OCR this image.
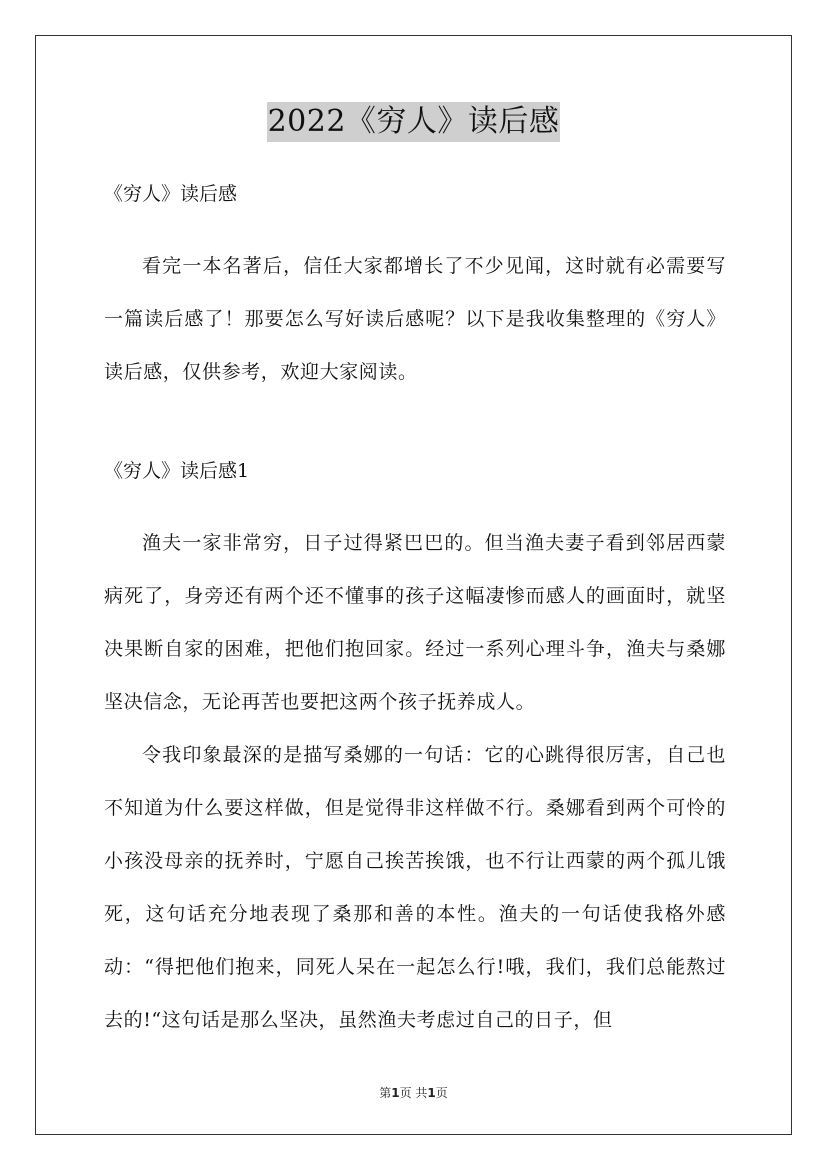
2022《穷人》读后感

《穷人》读后感

看完一本名著后，信任大家都增长了不少见闻，这时就有必需要写一篇读后感了！那要怎么写好读后感呢？以下是我收集整理的《穷人》读后感，仅供参考，欢迎大家阅读。

《穷人》读后感1

渔夫一家非常穷，日子过得紧巴巴的。但当渔夫妻子看到邻居西蒙病死了，身旁还有两个还不懂事的孩子这幅凄惨而感人的画面时，就坚决果断自家的困难，把他们抱回家。经过一系列心理斗争，渔夫与桑娜坚决信念，无论再苦也要把这两个孩子抚养成人。

令我印象最深的是描写桑娜的一句话：它的心跳得很厉害，自己也不知道为什么要这样做，但是觉得非这样做不行。桑娜看到两个可怜的小孩没母亲的抚养时，宁愿自己挨苦挨饿，也不行让西蒙的两个孤儿饿死，这句话充分地表现了桑那和善的本性。渔夫的一句话使我格外感动：“得把他们抱来，同死人呆在一起怎么行!哦，我们，我们总能熬过去的!“这句话是那么坚决，虽然渔夫考虑过自己的日子，但

第1页 共1页
